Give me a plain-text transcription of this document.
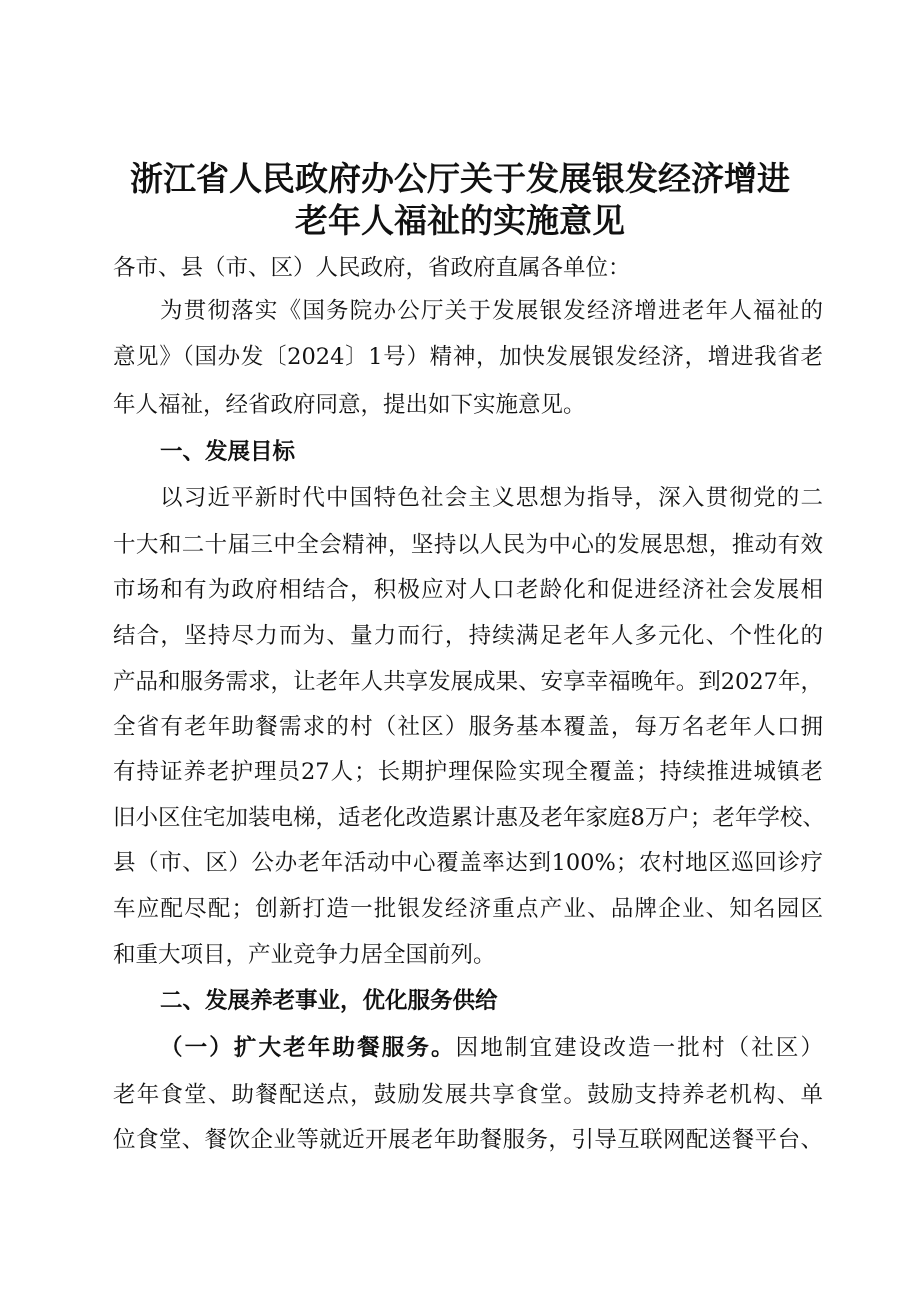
浙江省人民政府办公厅关于发展银发经济增进
老年人福祉的实施意见

各市、县（市、区）人民政府，省政府直属各单位：

为贯彻落实《国务院办公厅关于发展银发经济增进老年人福祉的

意见》（国办发〔2024〕1号）精神，加快发展银发经济，增进我省老

年人福祉，经省政府同意，提出如下实施意见。

一、发展目标

以习近平新时代中国特色社会主义思想为指导，深入贯彻党的二

十大和二十届三中全会精神，坚持以人民为中心的发展思想，推动有效

市场和有为政府相结合，积极应对人口老龄化和促进经济社会发展相

结合，坚持尽力而为、量力而行，持续满足老年人多元化、个性化的

产品和服务需求，让老年人共享发展成果、安享幸福晚年。到2027年，

全省有老年助餐需求的村（社区）服务基本覆盖，每万名老年人口拥

有持证养老护理员27人；长期护理保险实现全覆盖；持续推进城镇老

旧小区住宅加装电梯，适老化改造累计惠及老年家庭8万户；老年学校、

县（市、区）公办老年活动中心覆盖率达到100%；农村地区巡回诊疗

车应配尽配；创新打造一批银发经济重点产业、品牌企业、知名园区

和重大项目，产业竞争力居全国前列。

二、发展养老事业，优化服务供给

（一）扩大老年助餐服务。因地制宜建设改造一批村（社区）

老年食堂、助餐配送点，鼓励发展共享食堂。鼓励支持养老机构、单

位食堂、餐饮企业等就近开展老年助餐服务，引导互联网配送餐平台、
